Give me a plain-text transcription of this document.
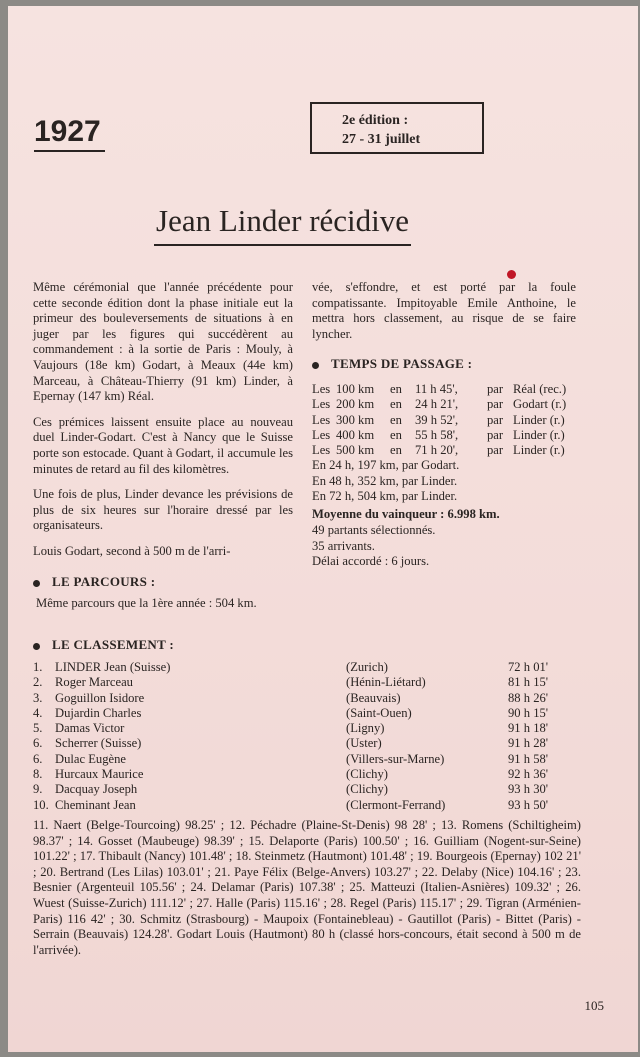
1927	2e édition :
27 - 31 juillet
Jean Linder récidive

Même cérémonial que l'année précédente pour cette seconde édition dont la phase initiale eut la primeur des bouleversements de situations à en juger par les figures qui succédèrent au commandement : à la sortie de Paris : Mouly, à Vaujours (18e km) Godart, à Meaux (44e km) Marceau, à Château-Thierry (91 km) Linder, à Epernay (147 km) Réal.

Ces prémices laissent ensuite place au nouveau duel Linder-Godart. C'est à Nancy que le Suisse porte son estocade. Quant à Godart, il accumule les minutes de retard au fil des kilomètres.

Une fois de plus, Linder devance les prévisions de plus de six heures sur l'horaire dressé par les organisateurs.

Louis Godart, second à 500 m de l'arri-

vée, s'effondre, et est porté par la foule compatissante. Impitoyable Emile Anthoine, le mettra hors classement, au risque de se faire lyncher.

TEMPS DE PASSAGE :
Les 100 km en 11 h 45', par Réal (rec.)
Les 200 km en 24 h 21', par Godart (r.)
Les 300 km en 39 h 52', par Linder (r.)
Les 400 km en 55 h 58', par Linder (r.)
Les 500 km en 71 h 20', par Linder (r.)
En 24 h, 197 km, par Godart.
En 48 h, 352 km, par Linder.
En 72 h, 504 km, par Linder.
Moyenne du vainqueur : 6.998 km.
49 partants sélectionnés.
35 arrivants.
Délai accordé : 6 jours.
LE PARCOURS :
Même parcours que la 1ère année : 504 km.
LE CLASSEMENT :
1. LINDER Jean (Suisse)	(Zurich)	72 h 01'
2. Roger Marceau	(Hénin-Liétard)	81 h 15'
3. Goguillon Isidore	(Beauvais)	88 h 26'
4. Dujardin Charles	(Saint-Ouen)	90 h 15'
5. Damas Victor	(Ligny)	91 h 18'
6. Scherrer (Suisse)	(Uster)	91 h 28'
6. Dulac Eugène	(Villers-sur-Marne)	91 h 58'
8. Hurcaux Maurice	(Clichy)	92 h 36'
9. Dacquay Joseph	(Clichy)	93 h 30'
10. Cheminant Jean	(Clermont-Ferrand)	93 h 50'
11. Naert (Belge-Tourcoing) 98.25' ; 12. Péchadre (Plaine-St-Denis) 98 28' ; 13. Romens (Schiltigheim) 98.37' ; 14. Gosset (Maubeuge) 98.39' ; 15. Delaporte (Paris) 100.50' ; 16. Guilliam (Nogent-sur-Seine) 101.22' ; 17. Thibault (Nancy) 101.48' ; 18. Steinmetz (Hautmont) 101.48' ; 19. Bourgeois (Epernay) 102 21' ; 20. Bertrand (Les Lilas) 103.01' ; 21. Paye Félix (Belge-Anvers) 103.27' ; 22. Delaby (Nice) 104.16' ; 23. Besnier (Argenteuil 105.56' ; 24. Delamar (Paris) 107.38' ; 25. Matteuzi (Italien-Asnières) 109.32' ; 26. Wuest (Suisse-Zurich) 111.12' ; 27. Halle (Paris) 115.16' ; 28. Regel (Paris) 115.17' ; 29. Tigran (Arménien-Paris) 116 42' ; 30. Schmitz (Strasbourg) - Maupoix (Fontainebleau) - Gautillot (Paris) - Bittet (Paris) - Serrain (Beauvais) 124.28'. Godart Louis (Hautmont) 80 h (classé hors-concours, était second à 500 m de l'arrivée).
105
